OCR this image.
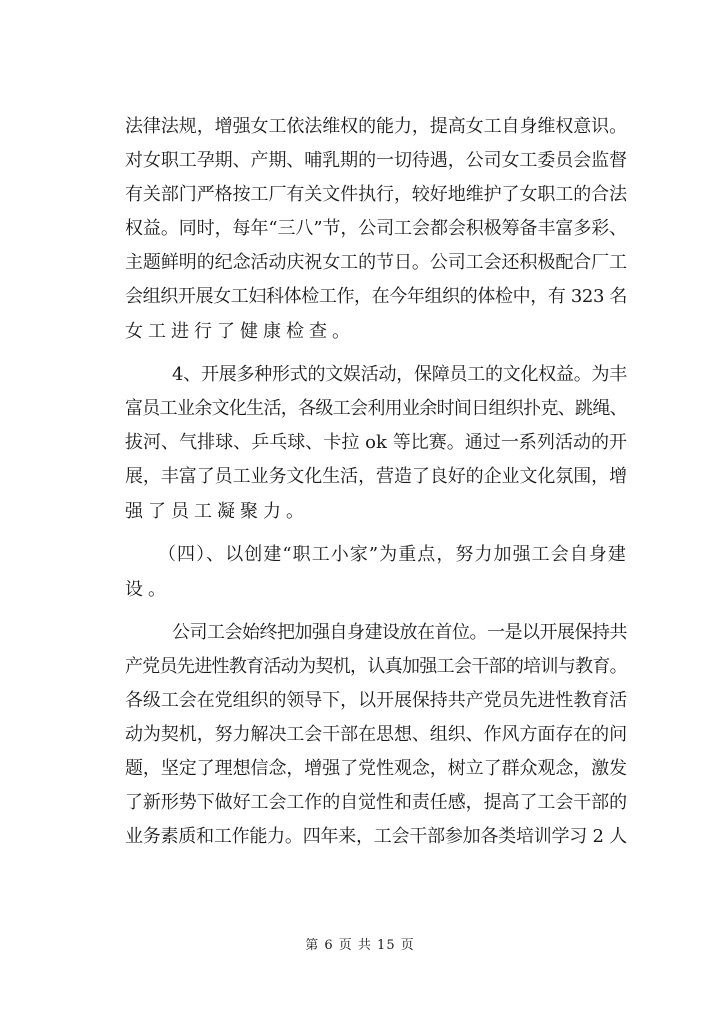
法律法规，增强女工依法维权的能力，提高女工自身维权意识。
对女职工孕期、产期、哺乳期的一切待遇，公司女工委员会监督
有关部门严格按工厂有关文件执行，较好地维护了女职工的合法
权益。同时，每年“三八”节，公司工会都会积极筹备丰富多彩、
主题鲜明的纪念活动庆祝女工的节日。公司工会还积极配合厂工
会组织开展女工妇科体检工作，在今年组织的体检中，有 323 名
女工进行了健康检查。
4、开展多种形式的文娱活动，保障员工的文化权益。为丰
富员工业余文化生活，各级工会利用业余时间日组织扑克、跳绳、
拔河、气排球、乒乓球、卡拉 ok 等比赛。通过一系列活动的开
展，丰富了员工业务文化生活，营造了良好的企业文化氛围，增
强了员工凝聚力。
（四）、以创建“职工小家”为重点，努力加强工会自身建
设。
公司工会始终把加强自身建设放在首位。一是以开展保持共
产党员先进性教育活动为契机，认真加强工会干部的培训与教育。
各级工会在党组织的领导下，以开展保持共产党员先进性教育活
动为契机，努力解决工会干部在思想、组织、作风方面存在的问
题，坚定了理想信念，增强了党性观念，树立了群众观念，激发
了新形势下做好工会工作的自觉性和责任感，提高了工会干部的
业务素质和工作能力。四年来，工会干部参加各类培训学习 2 人
第 6 页 共 15 页
